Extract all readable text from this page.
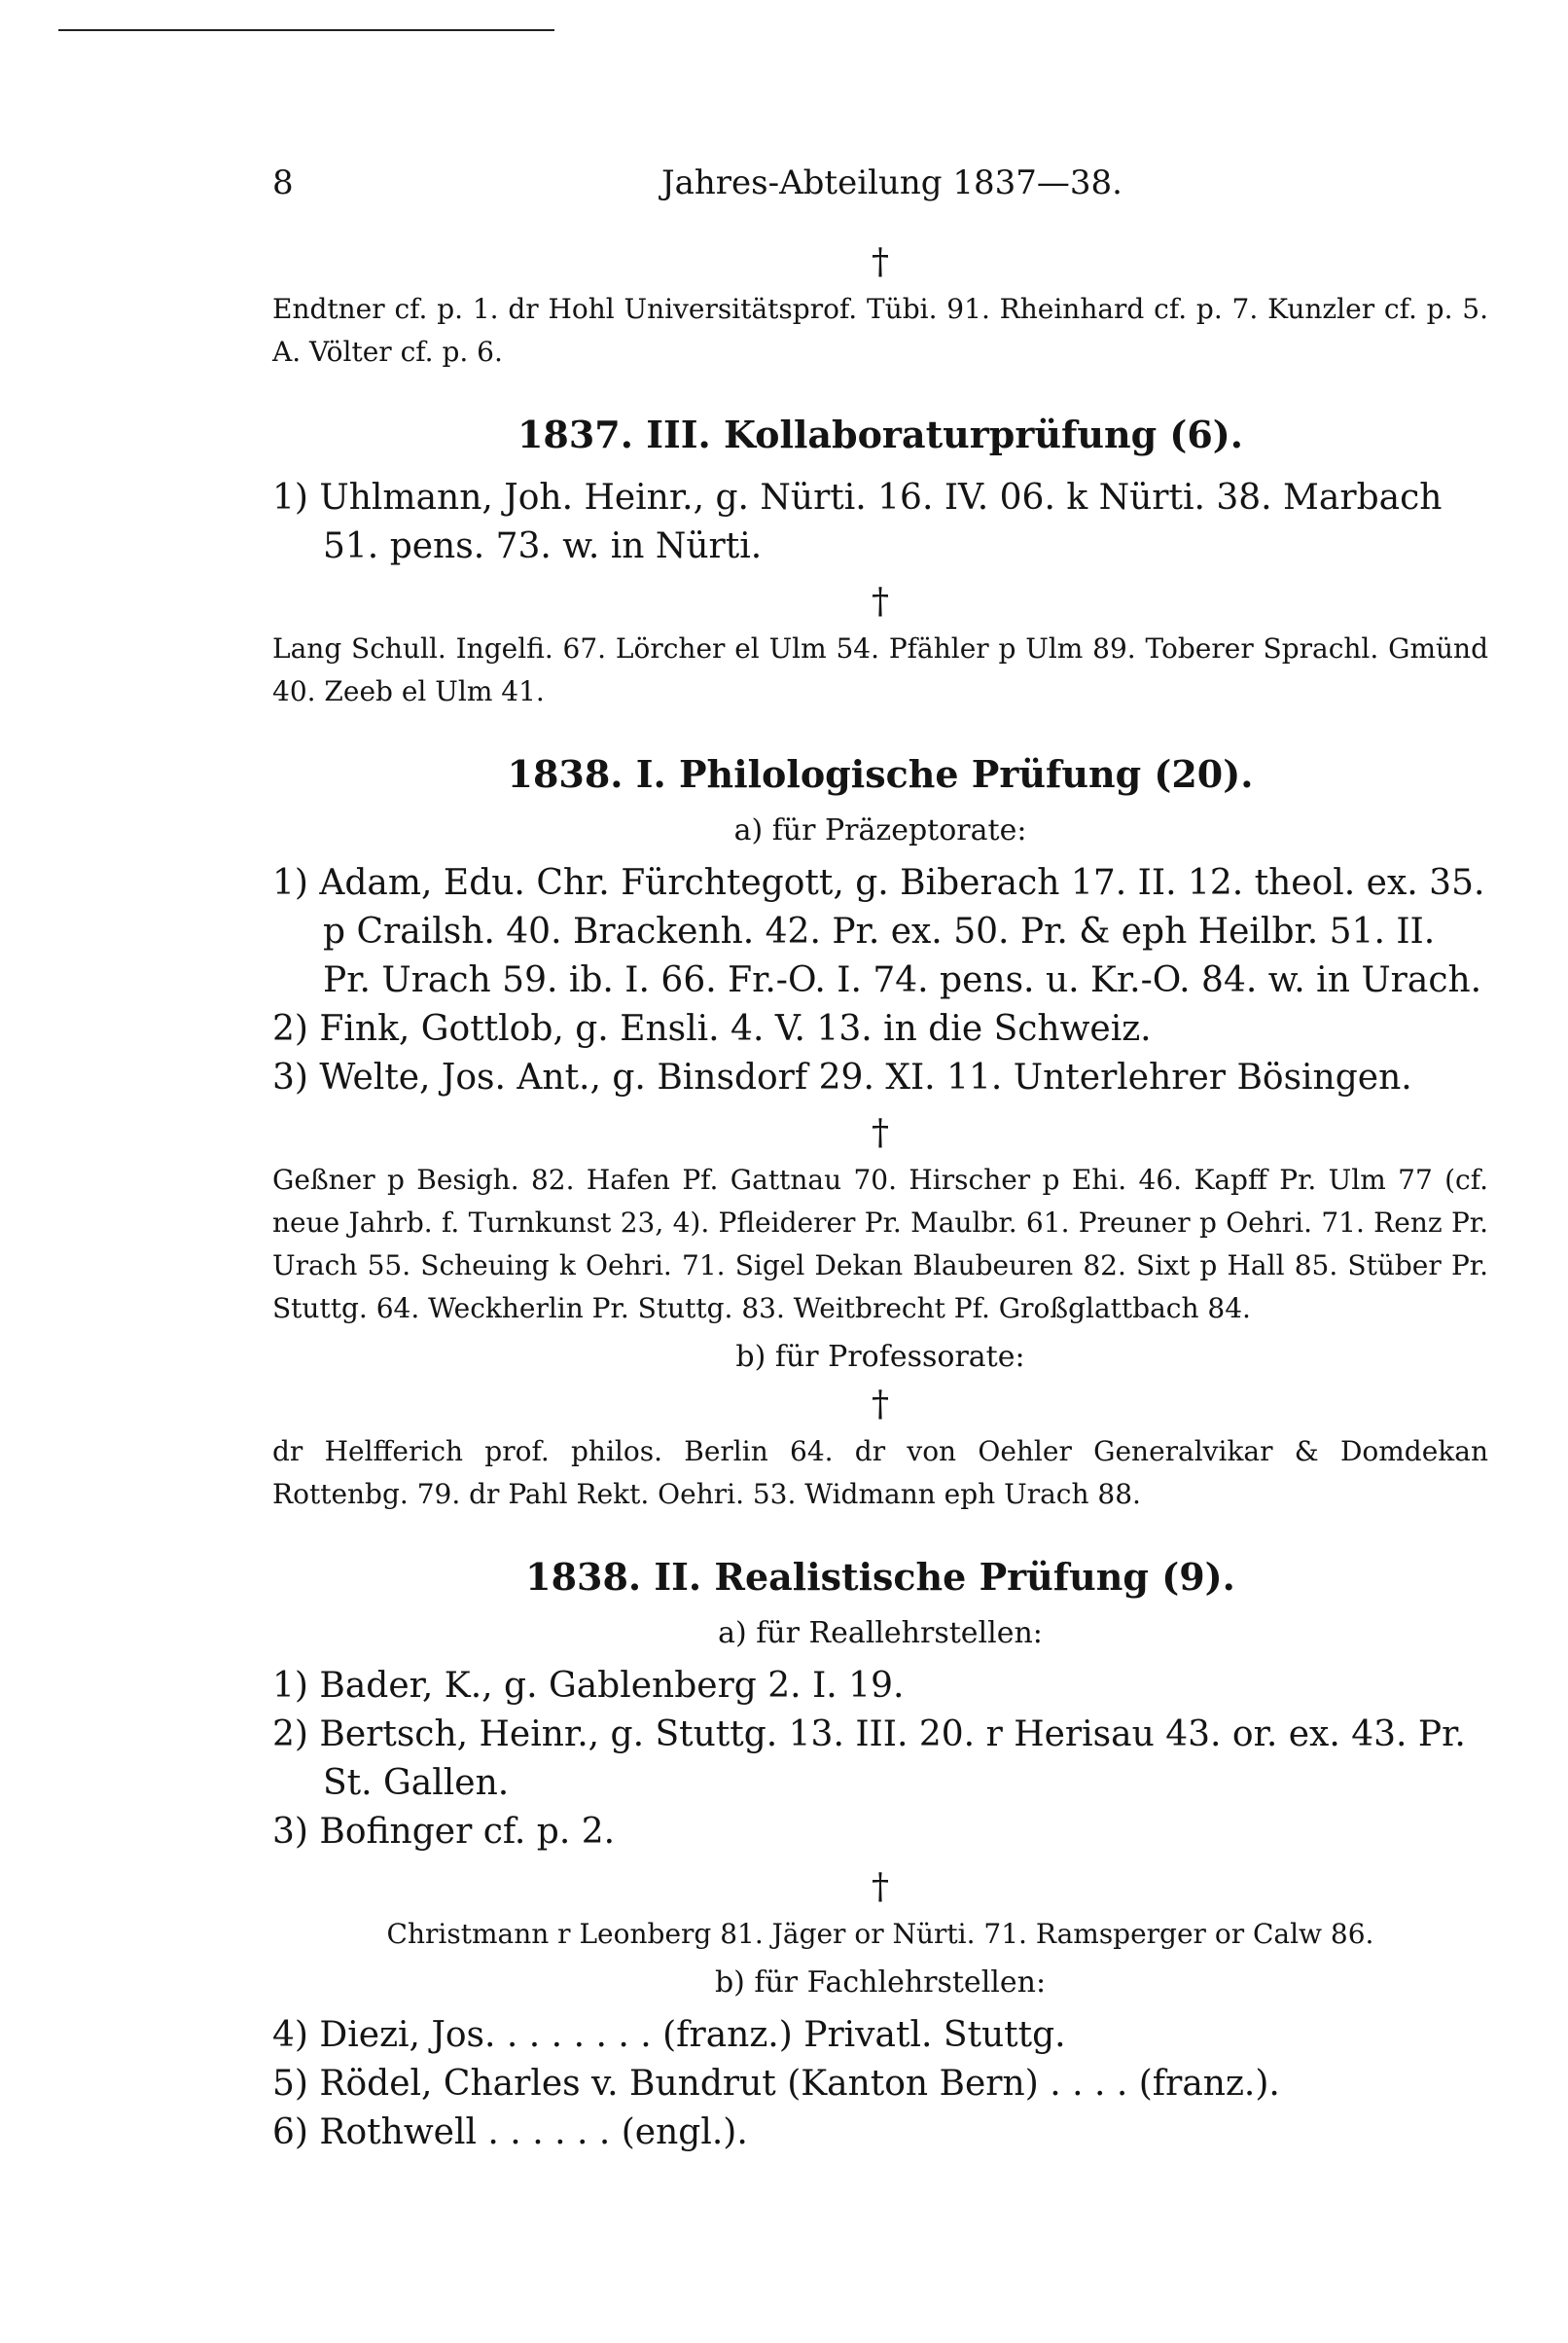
8	Jahres-Abteilung 1837—38.
†
Endtner cf. p. 1. dr Hohl Universitätsprof. Tübi. 91. Rheinhard cf. p. 7. Kunzler cf. p. 5. A. Völter cf. p. 6.
1837. III. Kollaboraturprüfung (6).
1) Uhlmann, Joh. Heinr., g. Nürti. 16. IV. 06. k Nürti. 38. Marbach 51. pens. 73. w. in Nürti.
†
Lang Schull. Ingelfi. 67. Lörcher el Ulm 54. Pfähler p Ulm 89. Toberer Sprachl. Gmünd 40. Zeeb el Ulm 41.
1838. I. Philologische Prüfung (20).
a) für Präzeptorate:
1) Adam, Edu. Chr. Fürchtegott, g. Biberach 17. II. 12. theol. ex. 35. p Crailsh. 40. Brackenh. 42. Pr. ex. 50. Pr. & eph Heilbr. 51. II. Pr. Urach 59. ib. I. 66. Fr.-O. I. 74. pens. u. Kr.-O. 84. w. in Urach.
2) Fink, Gottlob, g. Ensli. 4. V. 13. in die Schweiz.
3) Welte, Jos. Ant., g. Binsdorf 29. XI. 11. Unterlehrer Bösingen.
†
Geßner p Besigh. 82. Hafen Pf. Gattnau 70. Hirscher p Ehi. 46. Kapff Pr. Ulm 77 (cf. neue Jahrb. f. Turnkunst 23, 4). Pfleiderer Pr. Maulbr. 61. Preuner p Oehri. 71. Renz Pr. Urach 55. Scheuing k Oehri. 71. Sigel Dekan Blaubeuren 82. Sixt p Hall 85. Stüber Pr. Stuttg. 64. Weckherlin Pr. Stuttg. 83. Weitbrecht Pf. Großglattbach 84.
b) für Professorate:
†
dr Helfferich prof. philos. Berlin 64. dr von Oehler Generalvikar & Domdekan Rottenbg. 79. dr Pahl Rekt. Oehri. 53. Widmann eph Urach 88.
1838. II. Realistische Prüfung (9).
a) für Reallehrstellen:
1) Bader, K., g. Gablenberg 2. I. 19.
2) Bertsch, Heinr., g. Stuttg. 13. III. 20. r Herisau 43. or. ex. 43. Pr. St. Gallen.
3) Bofinger cf. p. 2.
†
Christmann r Leonberg 81. Jäger or Nürti. 71. Ramsperger or Calw 86.
b) für Fachlehrstellen:
4) Diezi, Jos. . . . . . . . (franz.) Privatl. Stuttg.
5) Rödel, Charles v. Bundrut (Kanton Bern) . . . . (franz.).
6) Rothwell . . . . . . (engl.).
